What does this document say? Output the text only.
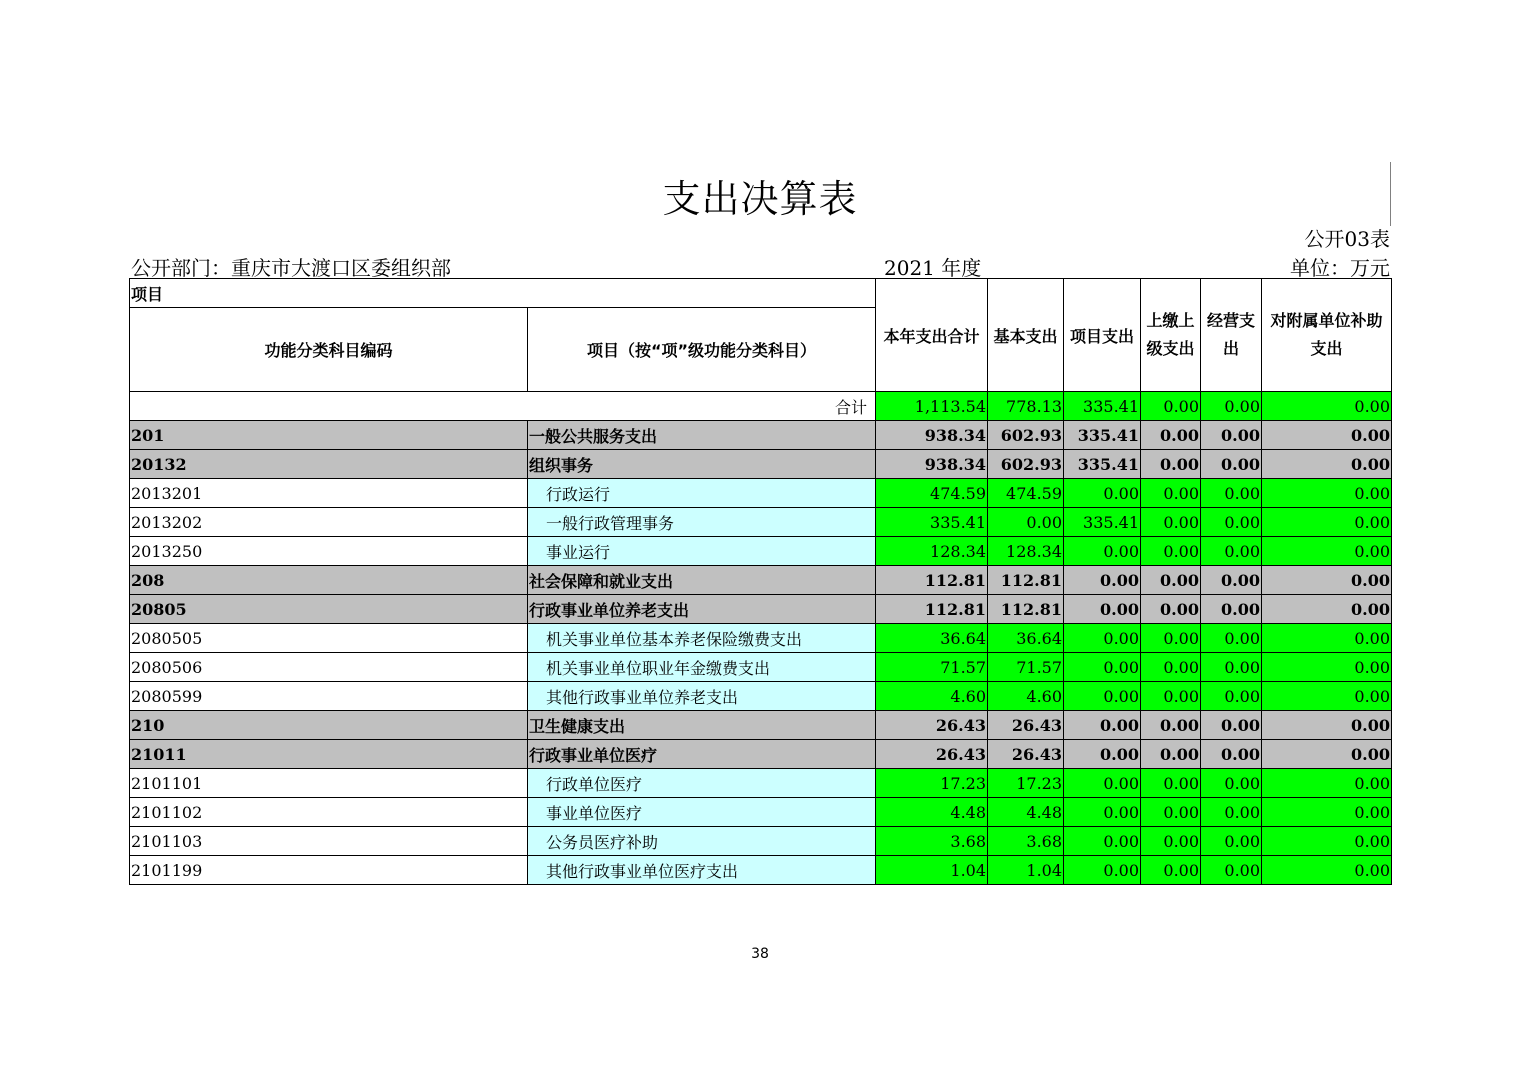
支出决算表
公开03表
公开部门：重庆市大渡口区委组织部	2021 年度	单位：万元
项目		本年支出合计	基本支出	项目支出	上缴上级支出	经营支出	对附属单位补助支出
功能分类科目编码	项目（按“项”级功能分类科目）						
合计		1,113.54	778.13	335.41	0.00	0.00	0.00
201	一般公共服务支出	938.34	602.93	335.41	0.00	0.00	0.00
20132	组织事务	938.34	602.93	335.41	0.00	0.00	0.00
2013201	行政运行	474.59	474.59	0.00	0.00	0.00	0.00
2013202	一般行政管理事务	335.41	0.00	335.41	0.00	0.00	0.00
2013250	事业运行	128.34	128.34	0.00	0.00	0.00	0.00
208	社会保障和就业支出	112.81	112.81	0.00	0.00	0.00	0.00
20805	行政事业单位养老支出	112.81	112.81	0.00	0.00	0.00	0.00
2080505	机关事业单位基本养老保险缴费支出	36.64	36.64	0.00	0.00	0.00	0.00
2080506	机关事业单位职业年金缴费支出	71.57	71.57	0.00	0.00	0.00	0.00
2080599	其他行政事业单位养老支出	4.60	4.60	0.00	0.00	0.00	0.00
210	卫生健康支出	26.43	26.43	0.00	0.00	0.00	0.00
21011	行政事业单位医疗	26.43	26.43	0.00	0.00	0.00	0.00
2101101	行政单位医疗	17.23	17.23	0.00	0.00	0.00	0.00
2101102	事业单位医疗	4.48	4.48	0.00	0.00	0.00	0.00
2101103	公务员医疗补助	3.68	3.68	0.00	0.00	0.00	0.00
2101199	其他行政事业单位医疗支出	1.04	1.04	0.00	0.00	0.00	0.00
38
